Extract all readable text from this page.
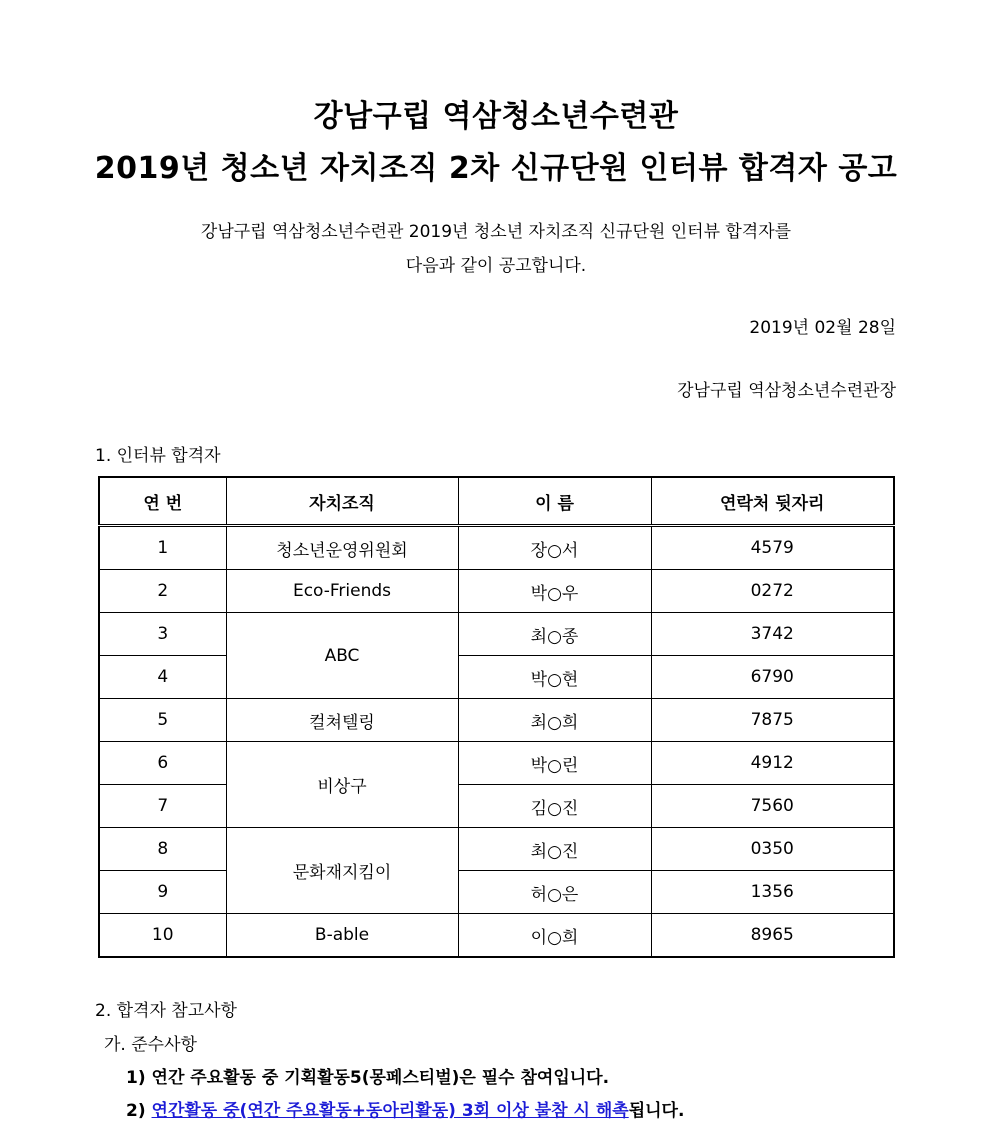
강남구립 역삼청소년수련관
2019년 청소년 자치조직 2차 신규단원 인터뷰 합격자 공고
강남구립 역삼청소년수련관 2019년 청소년 자치조직 신규단원 인터뷰 합격자를
다음과 같이 공고합니다.
2019년 02월 28일
강남구립 역삼청소년수련관장
1. 인터뷰 합격자
연 번	자치조직	이 름	연락처 뒷자리
1	청소년운영위원회	장○서	4579
2	Eco-Friends	박○우	0272
3	ABC	최○종	3742
4		박○현	6790
5	컬쳐텔링	최○희	7875
6	비상구	박○린	4912
7		김○진	7560
8	문화재지킴이	최○진	0350
9		허○은	1356
10	B-able	이○희	8965
2. 합격자 참고사항
가. 준수사항
1) 연간 주요활동 중 기획활동5(몽페스티벌)은 필수 참여입니다.
2) 연간활동 중(연간 주요활동+동아리활동) 3회 이상 불참 시 해촉됩니다.
